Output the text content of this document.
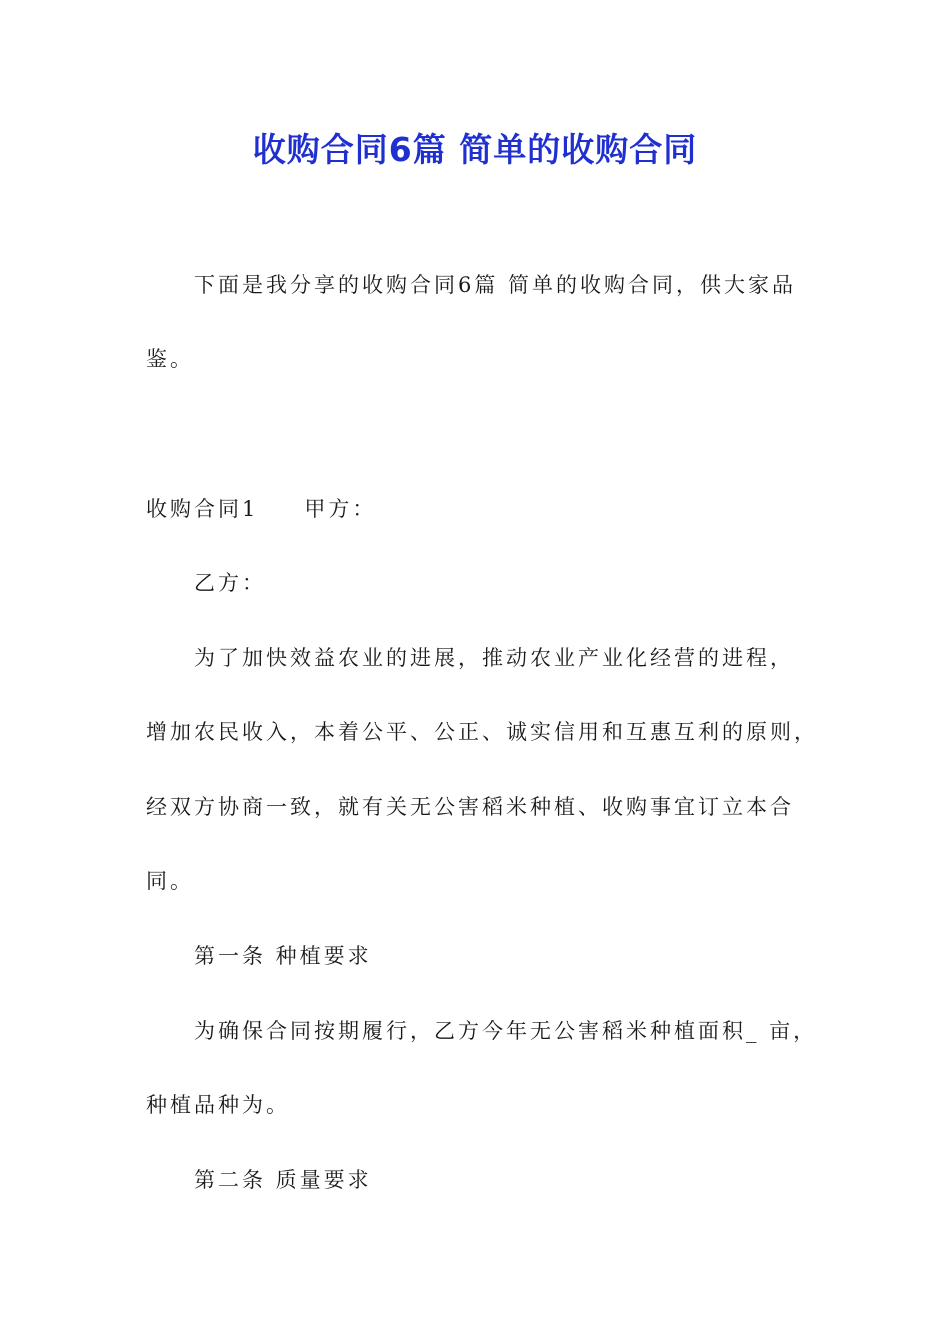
收购合同6篇 简单的收购合同

下面是我分享的收购合同6篇 简单的收购合同，供大家品

鉴。

收购合同1 甲方：

乙方：

为了加快效益农业的进展，推动农业产业化经营的进程，

增加农民收入，本着公平、公正、诚实信用和互惠互利的原则，

经双方协商一致，就有关无公害稻米种植、收购事宜订立本合

同。

第一条 种植要求

为确保合同按期履行，乙方今年无公害稻米种植面积_ 亩，

种植品种为。

第二条 质量要求
